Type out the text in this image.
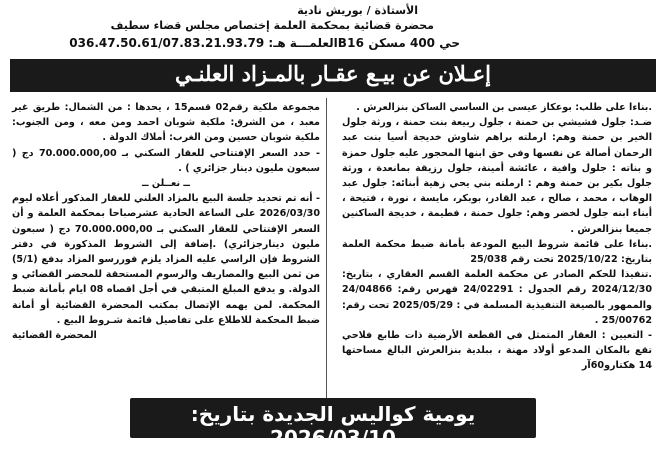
الأستاذة / بوريش نادية
محضرة قضائية بمحكمة العلمة إختصاص مجلس قضاء سطيف
حي 400 مسكن B16العلمـــة هـ: 036.47.50.61/07.83.21.93.79
إعـلان عن بيـع عقـار بالمـزاد العلنـي

.بناءا على طلب: بوعكاز عيسى بن الساسي الساكن بنزالعرش .

ضـد: جلول فشيشي بن حمنة ، جلول ربيعة بنت حمنة ، ورثة جلول الخير بن حمنة وهم: ارملته براهم شاوش خديجة أسيا بنت عبد الرحمان أصالة عن نفسها وفي حق ابنها المحجور عليه جلول حمزة و بناته : جلول وافية ، عائشة أمينة، جلول رزيقة بمانعدة ، ورثة جلول بكير بن حمنة وهم : ارملته بني يحي زهية أبنائه: جلول عبد الوهاب ، محمد ، صالح ، عبد القادر، بوبكر، مايسة ، نورة ، فتيحة ، أبناء ابنه جلول لخضر وهم: جلول حمنة ، فطيمة ، خديجة الساكنين جميعا بنزالعرش .

.بناءا على قائمة شروط البيع المودعة بأمانة ضبط محكمة العلمة بتاريخ: 2025/10/22 تحت رقم 25/038

.تنفيذا للحكم الصادر عن محكمة العلمة القسم العقاري ، بتاريخ: 2024/12/30 رقم الجدول : 24/02291 فهرس رقم: 24/04866 والممهور بالصيغة التنفيذية المسلمة في : 2025/05/29 تحت رقم: 25/00762 .

- التعيين : العقار المتمثل في القطعة الأرضية ذات طابع فلاحي تقع بالمكان المدعو أولاد مهنة ، ببلدية بنزالعرش البالغ مساحتها 14 هكتارو60آر

مجموعة ملكية رقم02 قسم15 ، يحدها : من الشمال: طريق غير معبد ، من الشرق: ملكية شوبان احمد ومن معه ، ومن الجنوب: ملكية شوبان حسين ومن الغرب: أملاك الدولة .

- حدد السعر الإفتتاحي للعقار السكني بـ 70.000.000,00 دج ( سبعون مليون دينار جزائري ) .

ــ نعــلن ــ

- أنه تم تحديد جلسة البيع بالمزاد العلني للعقار المذكور أعلاه ليوم 2026/03/30 على الساعة الحادية عشرصباحا بمحكمة العلمة و أن السعر الإفتتاحي للعقار السكني بـ 70.000.000,00 دج ( سبعون مليون دينارجزائري) .إضافة إلى الشروط المذكورة في دفتر الشروط فإن الراسي عليه المزاد يلزم فوررسو المزاد بدفع (5/1) من ثمن البيع والمصاريف والرسوم المستحقة للمحضر القضائي و الدولة. و يدفع المبلغ المتبقي في أجل اقصاه 08 ايام بأمانة ضبط المحكمة. لمن يهمه الإتصال بمكتب المحضرة القضائية أو أمانة ضبط المحكمة للاطلاع على تفاصيل قائمة شـروط البيع .

المحضرة القضائية

يومية كواليس الجديدة بتاريخ: 2026/03/10
